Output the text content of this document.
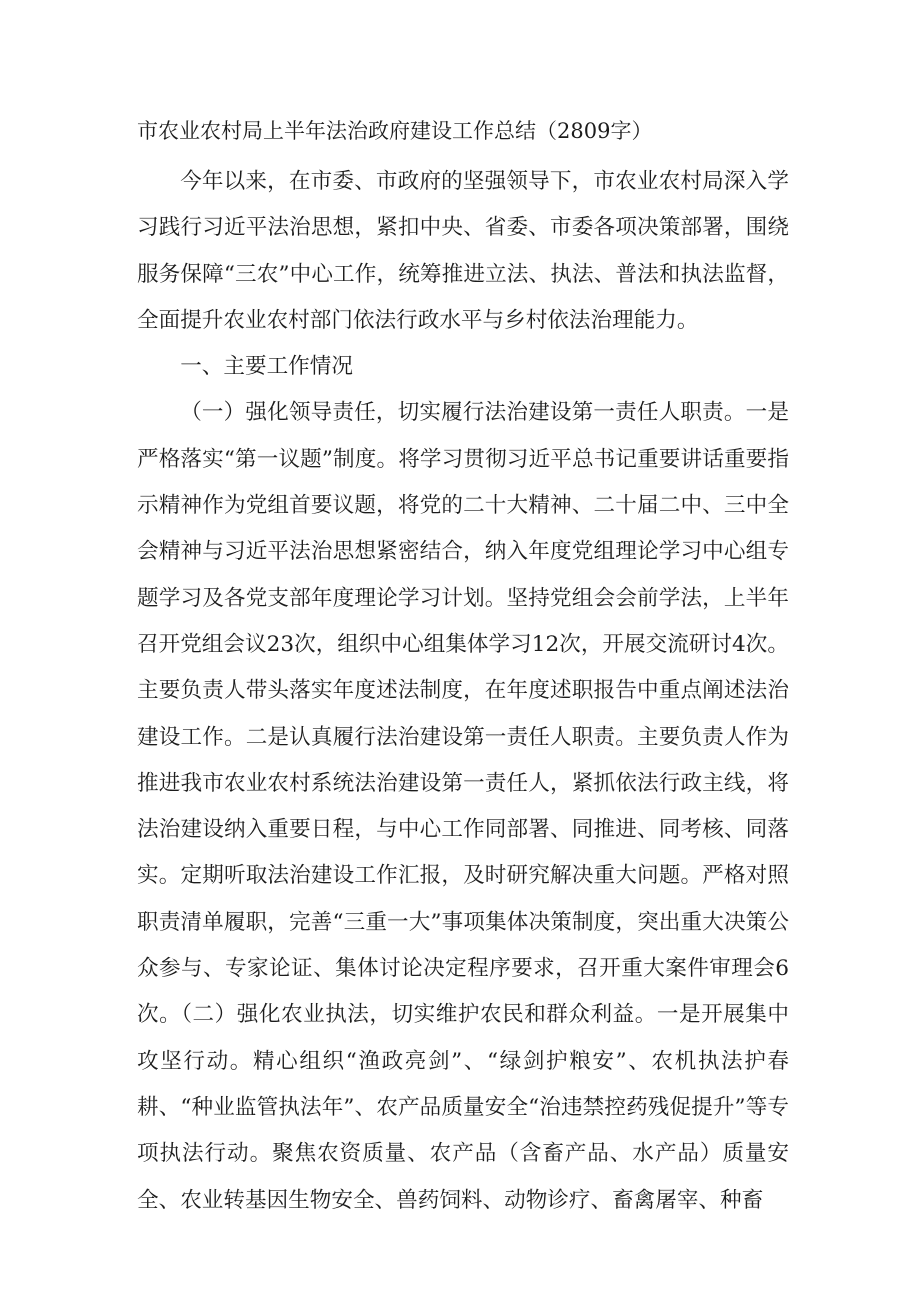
市农业农村局上半年法治政府建设工作总结（2809字）

今年以来，在市委、市政府的坚强领导下，市农业农村局深入学习践行习近平法治思想，紧扣中央、省委、市委各项决策部署，围绕服务保障“三农”中心工作，统筹推进立法、执法、普法和执法监督，全面提升农业农村部门依法行政水平与乡村依法治理能力。

一、主要工作情况

（一）强化领导责任，切实履行法治建设第一责任人职责。一是严格落实“第一议题”制度。将学习贯彻习近平总书记重要讲话重要指示精神作为党组首要议题，将党的二十大精神、二十届二中、三中全会精神与习近平法治思想紧密结合，纳入年度党组理论学习中心组专题学习及各党支部年度理论学习计划。坚持党组会会前学法，上半年召开党组会议23次，组织中心组集体学习12次，开展交流研讨4次。主要负责人带头落实年度述法制度，在年度述职报告中重点阐述法治建设工作。二是认真履行法治建设第一责任人职责。主要负责人作为推进我市农业农村系统法治建设第一责任人，紧抓依法行政主线，将法治建设纳入重要日程，与中心工作同部署、同推进、同考核、同落实。定期听取法治建设工作汇报，及时研究解决重大问题。严格对照职责清单履职，完善“三重一大”事项集体决策制度，突出重大决策公众参与、专家论证、集体讨论决定程序要求，召开重大案件审理会6次。（二）强化农业执法，切实维护农民和群众利益。一是开展集中攻坚行动。精心组织“渔政亮剑”、“绿剑护粮安”、农机执法护春耕、“种业监管执法年”、农产品质量安全“治违禁控药残促提升”等专项执法行动。聚焦农资质量、农产品（含畜产品、水产品）质量安全、农业转基因生物安全、兽药饲料、动物诊疗、畜禽屠宰、种畜
